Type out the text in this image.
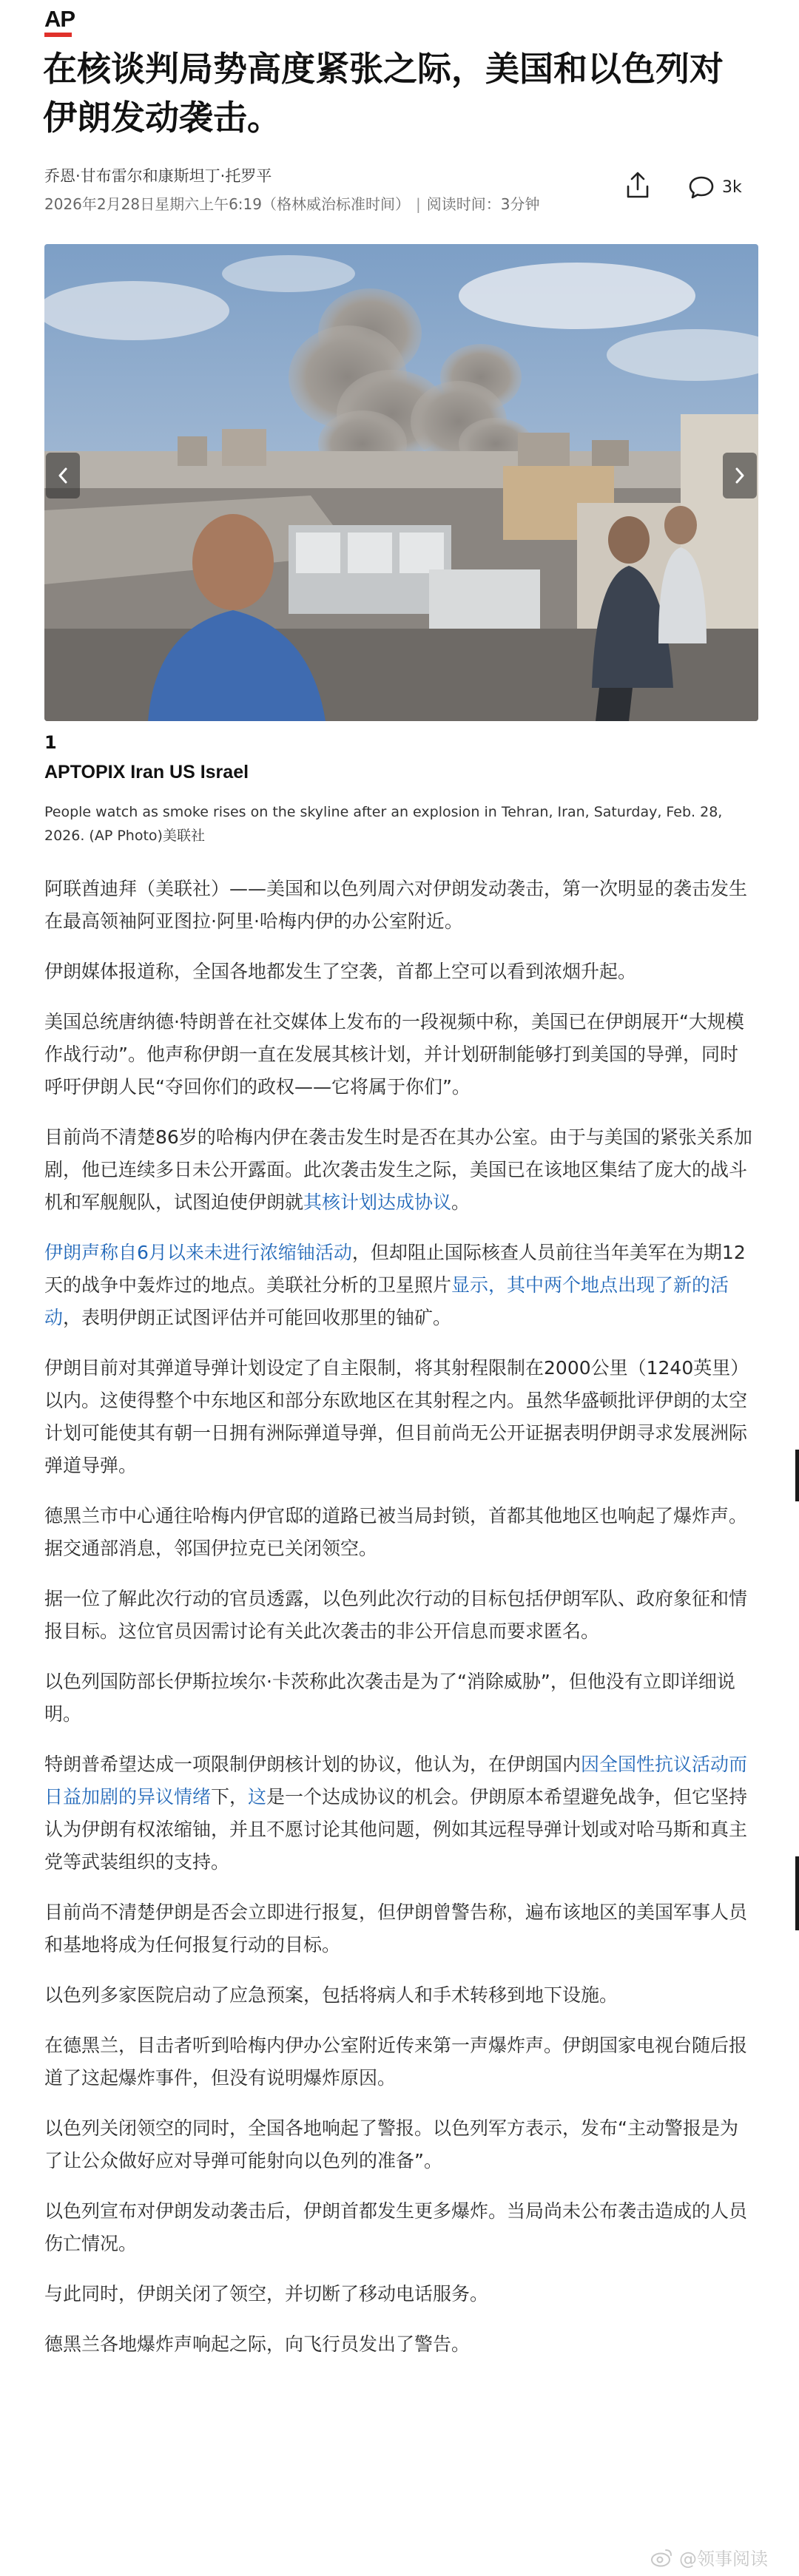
AP
在核谈判局势高度紧张之际，美国和以色列对伊朗发动袭击。
乔恩·甘布雷尔和康斯坦丁·托罗平
2026年2月28日星期六上午6:19（格林威治标准时间） | 阅读时间：3分钟
3k
1
APTOPIX Iran US Israel
People watch as smoke rises on the skyline after an explosion in Tehran, Iran, Saturday, Feb. 28, 2026. (AP Photo)美联社

阿联酋迪拜（美联社）——美国和以色列周六对伊朗发动袭击，第一次明显的袭击发生在最高领袖阿亚图拉·阿里·哈梅内伊的办公室附近。

伊朗媒体报道称，全国各地都发生了空袭，首都上空可以看到浓烟升起。

美国总统唐纳德·特朗普在社交媒体上发布的一段视频中称，美国已在伊朗展开“大规模作战行动”。他声称伊朗一直在发展其核计划，并计划研制能够打到美国的导弹，同时呼吁伊朗人民“夺回你们的政权——它将属于你们”。

目前尚不清楚86岁的哈梅内伊在袭击发生时是否在其办公室。由于与美国的紧张关系加剧，他已连续多日未公开露面。此次袭击发生之际，美国已在该地区集结了庞大的战斗机和军舰舰队，试图迫使伊朗就其核计划达成协议。

伊朗声称自6月以来未进行浓缩铀活动，但却阻止国际核查人员前往当年美军在为期12天的战争中轰炸过的地点。美联社分析的卫星照片显示，其中两个地点出现了新的活动，表明伊朗正试图评估并可能回收那里的铀矿。

伊朗目前对其弹道导弹计划设定了自主限制，将其射程限制在2000公里（1240英里）以内。这使得整个中东地区和部分东欧地区在其射程之内。虽然华盛顿批评伊朗的太空计划可能使其有朝一日拥有洲际弹道导弹，但目前尚无公开证据表明伊朗寻求发展洲际弹道导弹。

德黑兰市中心通往哈梅内伊官邸的道路已被当局封锁，首都其他地区也响起了爆炸声。据交通部消息，邻国伊拉克已关闭领空。

据一位了解此次行动的官员透露，以色列此次行动的目标包括伊朗军队、政府象征和情报目标。这位官员因需讨论有关此次袭击的非公开信息而要求匿名。

以色列国防部长伊斯拉埃尔·卡茨称此次袭击是为了“消除威胁”，但他没有立即详细说明。

特朗普希望达成一项限制伊朗核计划的协议，他认为，在伊朗国内因全国性抗议活动而日益加剧的异议情绪下，这是一个达成协议的机会。伊朗原本希望避免战争，但它坚持认为伊朗有权浓缩铀，并且不愿讨论其他问题，例如其远程导弹计划或对哈马斯和真主党等武装组织的支持。

目前尚不清楚伊朗是否会立即进行报复，但伊朗曾警告称，遍布该地区的美国军事人员和基地将成为任何报复行动的目标。

以色列多家医院启动了应急预案，包括将病人和手术转移到地下设施。

在德黑兰，目击者听到哈梅内伊办公室附近传来第一声爆炸声。伊朗国家电视台随后报道了这起爆炸事件，但没有说明爆炸原因。

以色列关闭领空的同时，全国各地响起了警报。以色列军方表示，发布“主动警报是为了让公众做好应对导弹可能射向以色列的准备”。

以色列宣布对伊朗发动袭击后，伊朗首都发生更多爆炸。当局尚未公布袭击造成的人员伤亡情况。

与此同时，伊朗关闭了领空，并切断了移动电话服务。

德黑兰各地爆炸声响起之际，向飞行员发出了警告。

@领事阅读
